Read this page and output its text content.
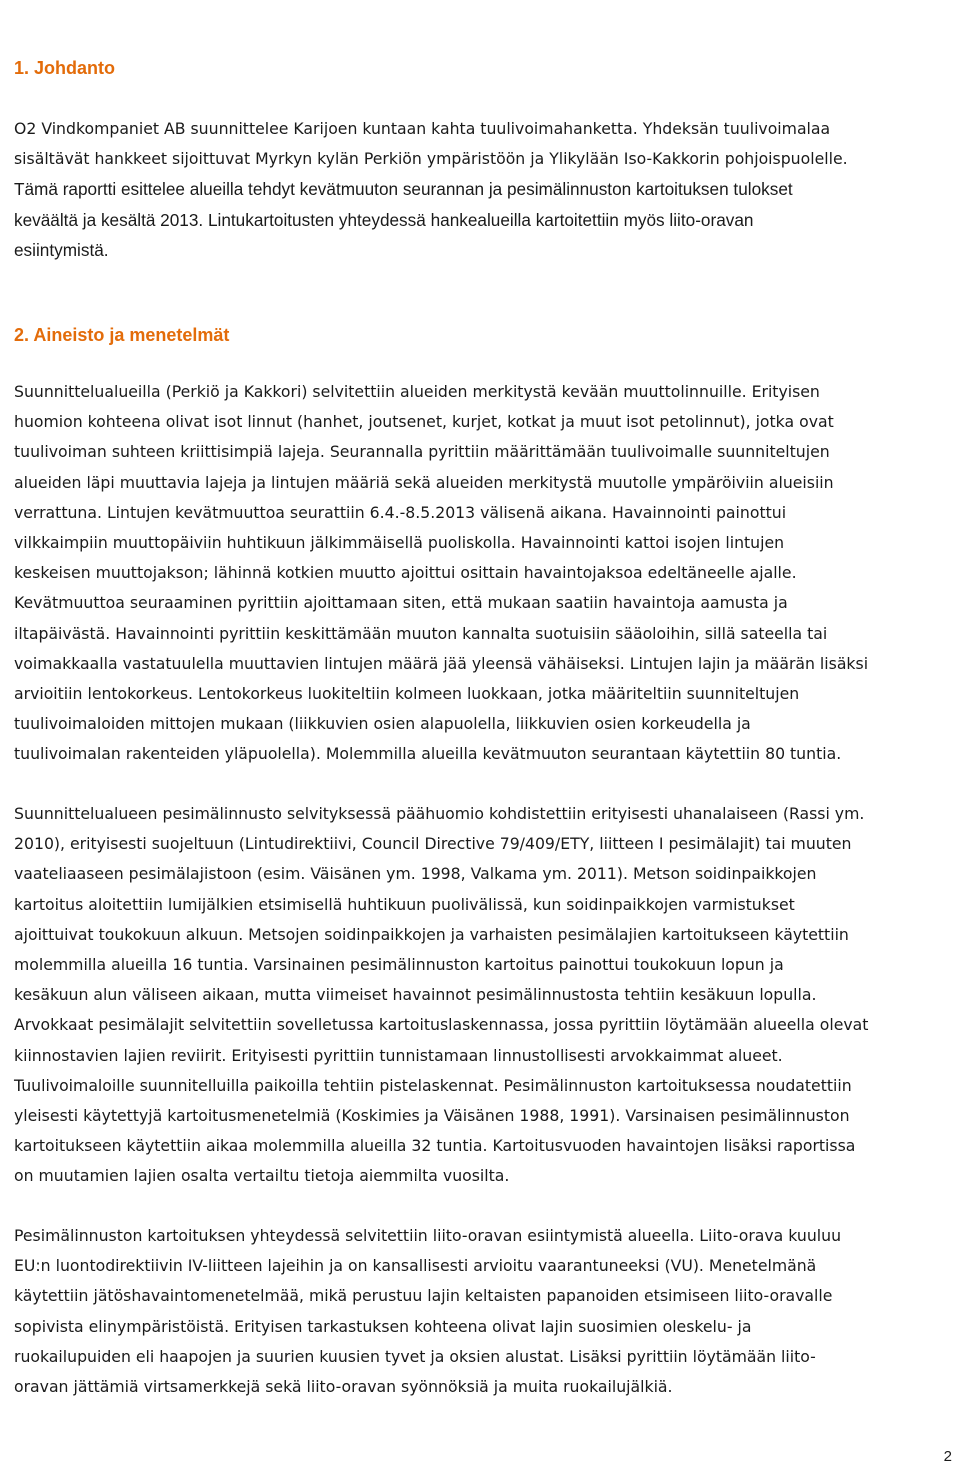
1. Johdanto

O2 Vindkompaniet AB suunnittelee Karijoen kuntaan kahta tuulivoimahanketta. Yhdeksän tuulivoimalaa
sisältävät hankkeet sijoittuvat Myrkyn kylän Perkiön ympäristöön ja Ylikylään Iso-Kakkorin pohjoispuolelle.
Tämä raportti esittelee alueilla tehdyt kevätmuuton seurannan ja pesimälinnuston kartoituksen tulokset
keväältä ja kesältä 2013. Lintukartoitusten yhteydessä hankealueilla kartoitettiin myös liito-oravan
esiintymistä.

2. Aineisto ja menetelmät

Suunnittelualueilla (Perkiö ja Kakkori) selvitettiin alueiden merkitystä kevään muuttolinnuille. Erityisen
huomion kohteena olivat isot linnut (hanhet, joutsenet, kurjet, kotkat ja muut isot petolinnut), jotka ovat
tuulivoiman suhteen kriittisimpiä lajeja. Seurannalla pyrittiin määrittämään tuulivoimalle suunniteltujen
alueiden läpi muuttavia lajeja ja lintujen määriä sekä alueiden merkitystä muutolle ympäröiviin alueisiin
verrattuna. Lintujen kevätmuuttoa seurattiin 6.4.-8.5.2013 välisenä aikana. Havainnointi painottui
vilkkaimpiin muuttopäiviin huhtikuun jälkimmäisellä puoliskolla. Havainnointi kattoi isojen lintujen
keskeisen muuttojakson; lähinnä kotkien muutto ajoittui osittain havaintojaksoa edeltäneelle ajalle.
Kevätmuuttoa seuraaminen pyrittiin ajoittamaan siten, että mukaan saatiin havaintoja aamusta ja
iltapäivästä. Havainnointi pyrittiin keskittämään muuton kannalta suotuisiin sääoloihin, sillä sateella tai
voimakkaalla vastatuulella muuttavien lintujen määrä jää yleensä vähäiseksi. Lintujen lajin ja määrän lisäksi
arvioitiin lentokorkeus. Lentokorkeus luokiteltiin kolmeen luokkaan, jotka määriteltiin suunniteltujen
tuulivoimaloiden mittojen mukaan (liikkuvien osien alapuolella, liikkuvien osien korkeudella ja
tuulivoimalan rakenteiden yläpuolella). Molemmilla alueilla kevätmuuton seurantaan käytettiin 80 tuntia.

Suunnittelualueen pesimälinnusto selvityksessä päähuomio kohdistettiin erityisesti uhanalaiseen (Rassi ym.
2010), erityisesti suojeltuun (Lintudirektiivi, Council Directive 79/409/ETY, liitteen I pesimälajit) tai muuten
vaateliaaseen pesimälajistoon (esim. Väisänen ym. 1998, Valkama ym. 2011). Metson soidinpaikkojen
kartoitus aloitettiin lumijälkien etsimisellä huhtikuun puolivälissä, kun soidinpaikkojen varmistukset
ajoittuivat toukokuun alkuun. Metsojen soidinpaikkojen ja varhaisten pesimälajien kartoitukseen käytettiin
molemmilla alueilla 16 tuntia. Varsinainen pesimälinnuston kartoitus painottui toukokuun lopun ja
kesäkuun alun väliseen aikaan, mutta viimeiset havainnot pesimälinnustosta tehtiin kesäkuun lopulla.
Arvokkaat pesimälajit selvitettiin sovelletussa kartoituslaskennassa, jossa pyrittiin löytämään alueella olevat
kiinnostavien lajien reviirit. Erityisesti pyrittiin tunnistamaan linnustollisesti arvokkaimmat alueet.
Tuulivoimaloille suunnitelluilla paikoilla tehtiin pistelaskennat. Pesimälinnuston kartoituksessa noudatettiin
yleisesti käytettyjä kartoitusmenetelmiä (Koskimies ja Väisänen 1988, 1991). Varsinaisen pesimälinnuston
kartoitukseen käytettiin aikaa molemmilla alueilla 32 tuntia. Kartoitusvuoden havaintojen lisäksi raportissa
on muutamien lajien osalta vertailtu tietoja aiemmilta vuosilta.

Pesimälinnuston kartoituksen yhteydessä selvitettiin liito-oravan esiintymistä alueella. Liito-orava kuuluu
EU:n luontodirektiivin IV-liitteen lajeihin ja on kansallisesti arvioitu vaarantuneeksi (VU). Menetelmänä
käytettiin jätöshavaintomenetelmää, mikä perustuu lajin keltaisten papanoiden etsimiseen liito-oravalle
sopivista elinympäristöistä. Erityisen tarkastuksen kohteena olivat lajin suosimien oleskelu- ja
ruokailupuiden eli haapojen ja suurien kuusien tyvet ja oksien alustat. Lisäksi pyrittiin löytämään liito-
oravan jättämiä virtsamerkkejä sekä liito-oravan syönnöksiä ja muita ruokailujälkiä.

2
